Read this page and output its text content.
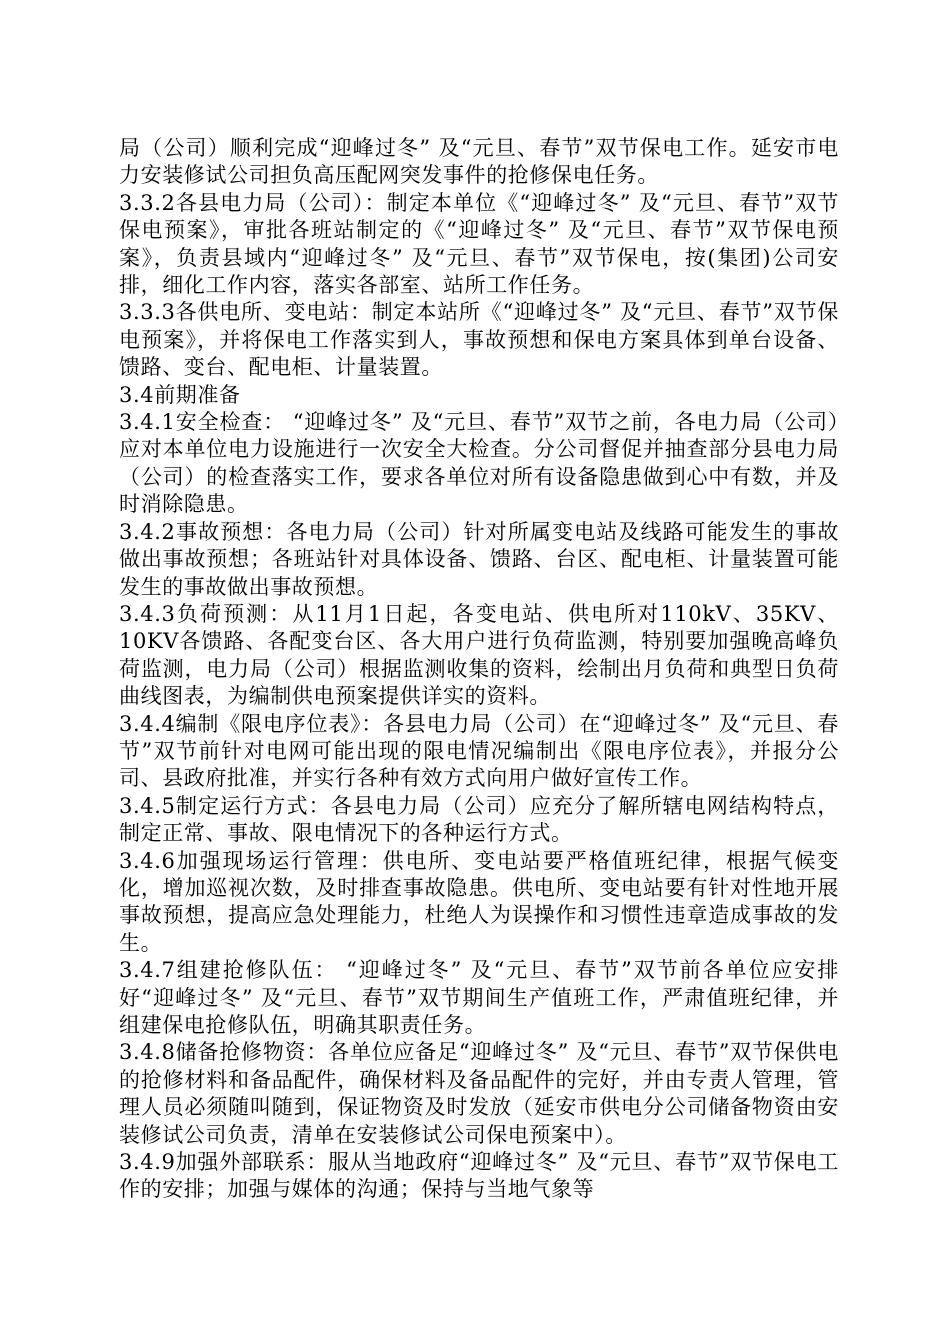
局（公司）顺利完成“迎峰过冬” 及“元旦、春节”双节保电工作。延安市电力安装修试公司担负高压配网突发事件的抢修保电任务。

3.3.2各县电力局（公司）：制定本单位《“迎峰过冬” 及“元旦、春节”双节保电预案》，审批各班站制定的《“迎峰过冬” 及“元旦、春节”双节保电预案》，负责县域内“迎峰过冬” 及“元旦、春节”双节保电，按(集团)公司安排，细化工作内容，落实各部室、站所工作任务。

3.3.3各供电所、变电站：制定本站所《“迎峰过冬” 及“元旦、春节”双节保电预案》，并将保电工作落实到人，事故预想和保电方案具体到单台设备、馈路、变台、配电柜、计量装置。

3.4前期准备

3.4.1安全检查： “迎峰过冬” 及“元旦、春节”双节之前，各电力局（公司）应对本单位电力设施进行一次安全大检查。分公司督促并抽查部分县电力局（公司）的检查落实工作，要求各单位对所有设备隐患做到心中有数，并及时消除隐患。

3.4.2事故预想：各电力局（公司）针对所属变电站及线路可能发生的事故做出事故预想；各班站针对具体设备、馈路、台区、配电柜、计量装置可能发生的事故做出事故预想。

3.4.3负荷预测：从11月1日起，各变电站、供电所对110kV、35KV、10KV各馈路、各配变台区、各大用户进行负荷监测，特别要加强晚高峰负荷监测，电力局（公司）根据监测收集的资料，绘制出月负荷和典型日负荷曲线图表，为编制供电预案提供详实的资料。

3.4.4编制《限电序位表》：各县电力局（公司）在“迎峰过冬” 及“元旦、春节”双节前针对电网可能出现的限电情况编制出《限电序位表》，并报分公司、县政府批准，并实行各种有效方式向用户做好宣传工作。

3.4.5制定运行方式：各县电力局（公司）应充分了解所辖电网结构特点，制定正常、事故、限电情况下的各种运行方式。

3.4.6加强现场运行管理：供电所、变电站要严格值班纪律，根据气候变化，增加巡视次数，及时排查事故隐患。供电所、变电站要有针对性地开展事故预想，提高应急处理能力，杜绝人为误操作和习惯性违章造成事故的发生。

3.4.7组建抢修队伍： “迎峰过冬” 及“元旦、春节”双节前各单位应安排好“迎峰过冬” 及“元旦、春节”双节期间生产值班工作，严肃值班纪律，并组建保电抢修队伍，明确其职责任务。

3.4.8储备抢修物资：各单位应备足“迎峰过冬” 及“元旦、春节”双节保供电的抢修材料和备品配件，确保材料及备品配件的完好，并由专责人管理，管理人员必须随叫随到，保证物资及时发放（延安市供电分公司储备物资由安装修试公司负责，清单在安装修试公司保电预案中）。

3.4.9加强外部联系：服从当地政府“迎峰过冬” 及“元旦、春节”双节保电工作的安排；加强与媒体的沟通；保持与当地气象等
